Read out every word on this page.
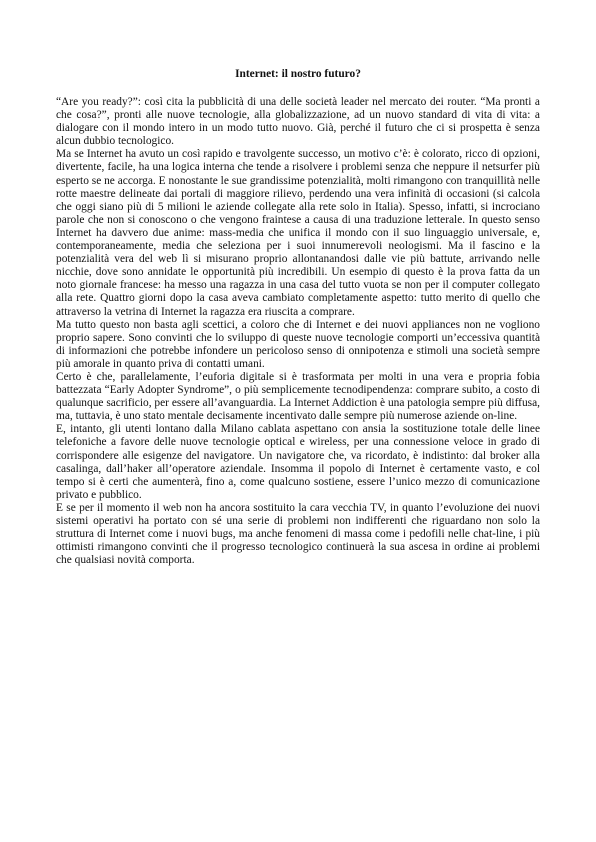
Internet: il nostro futuro?

“Are you ready?”: così cita la pubblicità di una delle società leader nel mercato dei router. “Ma pronti a che cosa?”, pronti alle nuove tecnologie, alla globalizzazione, ad un nuovo standard di vita di vita: a dialogare con il mondo intero in un modo tutto nuovo. Già, perché il futuro che ci si prospetta è senza alcun dubbio tecnologico.

Ma se Internet ha avuto un così rapido e travolgente successo, un motivo c’è: è colorato, ricco di opzioni, divertente, facile, ha una logica interna che tende a risolvere i problemi senza che neppure il netsurfer più esperto se ne accorga. E nonostante le sue grandissime potenzialità, molti rimangono con tranquillità nelle rotte maestre delineate dai portali di maggiore rilievo, perdendo una vera infinità di occasioni (si calcola che oggi siano più di 5 milioni le aziende collegate alla rete solo in Italia). Spesso, infatti, si incrociano parole che non si conoscono o che vengono fraintese a causa di una traduzione letterale. In questo senso Internet ha davvero due anime: mass-media che unifica il mondo con il suo linguaggio universale, e, contemporaneamente, media che seleziona per i suoi innumerevoli neologismi. Ma il fascino e la potenzialità vera del web lì si misurano proprio allontanandosi dalle vie più battute, arrivando nelle nicchie, dove sono annidate le opportunità più incredibili. Un esempio di questo è la prova fatta da un noto giornale francese: ha messo una ragazza in una casa del tutto vuota se non per il computer collegato alla rete. Quattro giorni dopo la casa aveva cambiato completamente aspetto: tutto merito di quello che attraverso la vetrina di Internet la ragazza era riuscita a comprare.

Ma tutto questo non basta agli scettici, a coloro che di Internet e dei nuovi appliances non ne vogliono proprio sapere. Sono convinti che lo sviluppo di queste nuove tecnologie comporti un’eccessiva quantità di informazioni che potrebbe infondere un pericoloso senso di onnipotenza e stimoli una società sempre più amorale in quanto priva di contatti umani.

Certo è che, parallelamente, l’euforia digitale si è trasformata per molti in una vera e propria fobia battezzata “Early Adopter Syndrome”, o più semplicemente tecnodipendenza: comprare subito, a costo di qualunque sacrificio, per essere all’avanguardia. La Internet Addiction è una patologia sempre più diffusa, ma, tuttavia, è uno stato mentale decisamente incentivato dalle sempre più numerose aziende on-line.

E, intanto, gli utenti lontano dalla Milano cablata aspettano con ansia la sostituzione totale delle linee telefoniche a favore delle nuove tecnologie optical e wireless, per una connessione veloce in grado di corrispondere alle esigenze del navigatore. Un navigatore che, va ricordato, è indistinto: dal broker alla casalinga, dall’haker all’operatore aziendale. Insomma il popolo di Internet è certamente vasto, e col tempo si è certi che aumenterà, fino a, come qualcuno sostiene, essere l’unico mezzo di comunicazione privato e pubblico.

E se per il momento il web non ha ancora sostituito la cara vecchia TV, in quanto l’evoluzione dei nuovi sistemi operativi ha portato con sé una serie di problemi non indifferenti che riguardano non solo la struttura di Internet come i nuovi bugs, ma anche fenomeni di massa come i pedofili nelle chat-line, i più ottimisti rimangono convinti che il progresso tecnologico continuerà la sua ascesa in ordine ai problemi che qualsiasi novità comporta.
